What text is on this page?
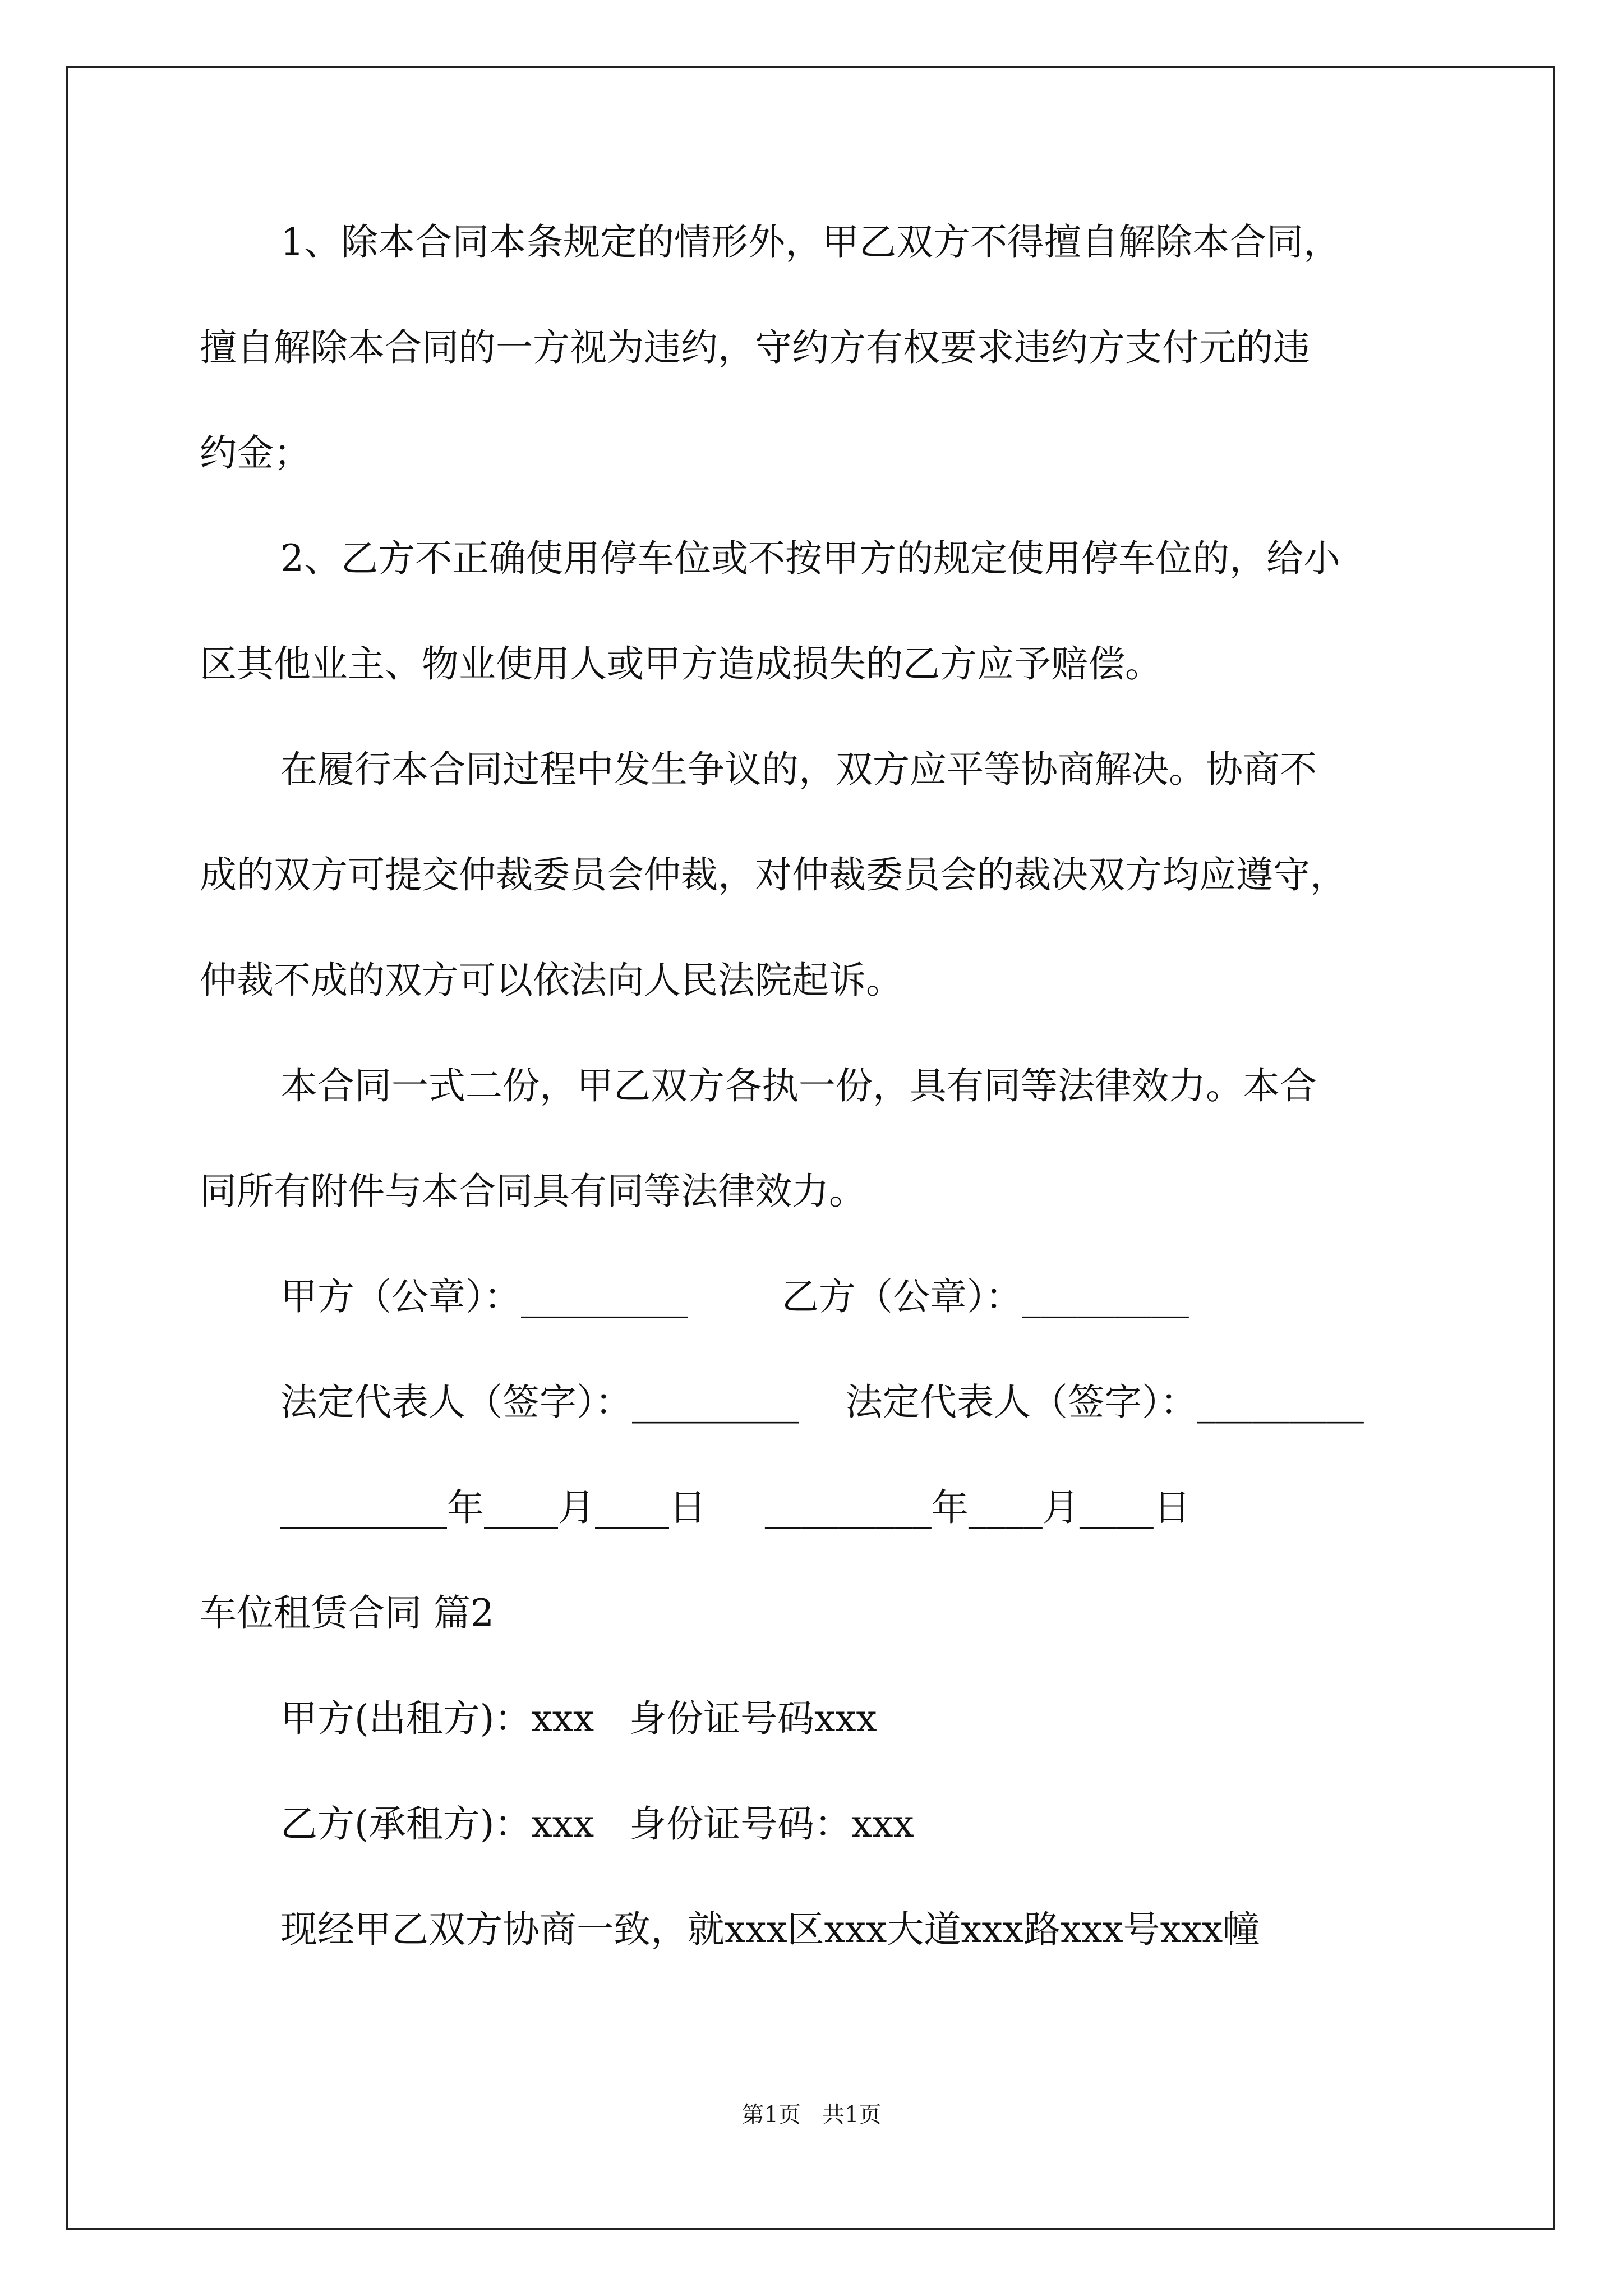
1、除本合同本条规定的情形外，甲乙双方不得擅自解除本合同，
擅自解除本合同的一方视为违约，守约方有权要求违约方支付元的违
约金；
2、乙方不正确使用停车位或不按甲方的规定使用停车位的，给小
区其他业主、物业使用人或甲方造成损失的乙方应予赔偿。
在履行本合同过程中发生争议的，双方应平等协商解决。协商不
成的双方可提交仲裁委员会仲裁，对仲裁委员会的裁决双方均应遵守，
仲裁不成的双方可以依法向人民法院起诉。
本合同一式二份，甲乙双方各执一份，具有同等法律效力。本合
同所有附件与本合同具有同等法律效力。
甲方（公章）：_________        乙方（公章）：_________
法定代表人（签字）：_________    法定代表人（签字）：_________
_________年____月____日     _________年____月____日
车位租赁合同 篇2
甲方(出租方)：xxx   身份证号码xxx
乙方(承租方)：xxx   身份证号码：xxx
现经甲乙双方协商一致，就xxx区xxx大道xxx路xxx号xxx幢
第1页   共1页
